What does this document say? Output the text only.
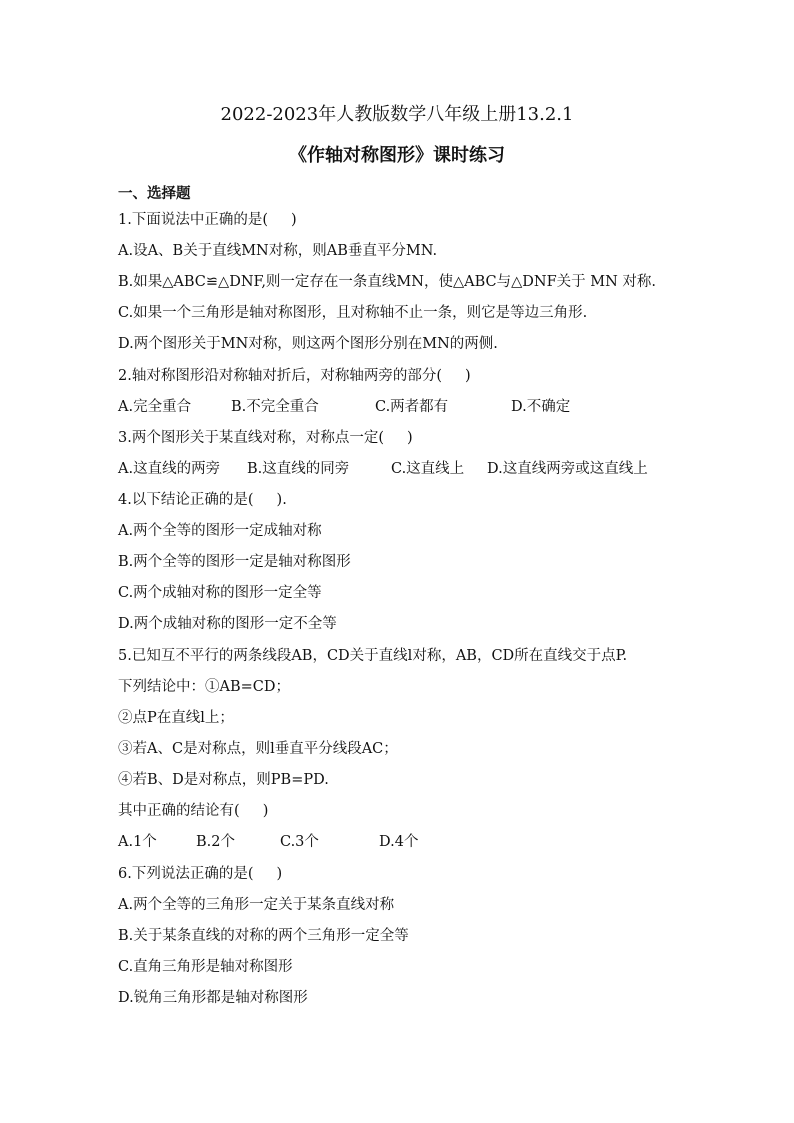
2022-2023年人教版数学八年级上册13.2.1
《作轴对称图形》课时练习
一、选择题
1.下面说法中正确的是(     )
A.设A、B关于直线MN对称，则AB垂直平分MN.
B.如果△ABC≌△DNF,则一定存在一条直线MN，使△ABC与△DNF关于 MN 对称.
C.如果一个三角形是轴对称图形，且对称轴不止一条，则它是等边三角形.
D.两个图形关于MN对称，则这两个图形分别在MN的两侧.
2.轴对称图形沿对称轴对折后，对称轴两旁的部分(     )

A.完全重合

	B.不完全重合

	C.两者都有

	D.不确定

3.两个图形关于某直线对称，对称点一定(     )

A.这直线的两旁

B.这直线的同旁

	C.这直线上

D.这直线两旁或这直线上

4.以下结论正确的是(     ).
A.两个全等的图形一定成轴对称
B.两个全等的图形一定是轴对称图形
C.两个成轴对称的图形一定全等
D.两个成轴对称的图形一定不全等
5.已知互不平行的两条线段AB，CD关于直线l对称，AB，CD所在直线交于点P.
下列结论中：①AB=CD；
②点P在直线l上；
③若A、C是对称点，则l垂直平分线段AC；
④若B、D是对称点，则PB=PD.
其中正确的结论有(     )

A.1个

	B.2个

	C.3个

	D.4个

6.下列说法正确的是(     )
A.两个全等的三角形一定关于某条直线对称
B.关于某条直线的对称的两个三角形一定全等
C.直角三角形是轴对称图形
D.锐角三角形都是轴对称图形
